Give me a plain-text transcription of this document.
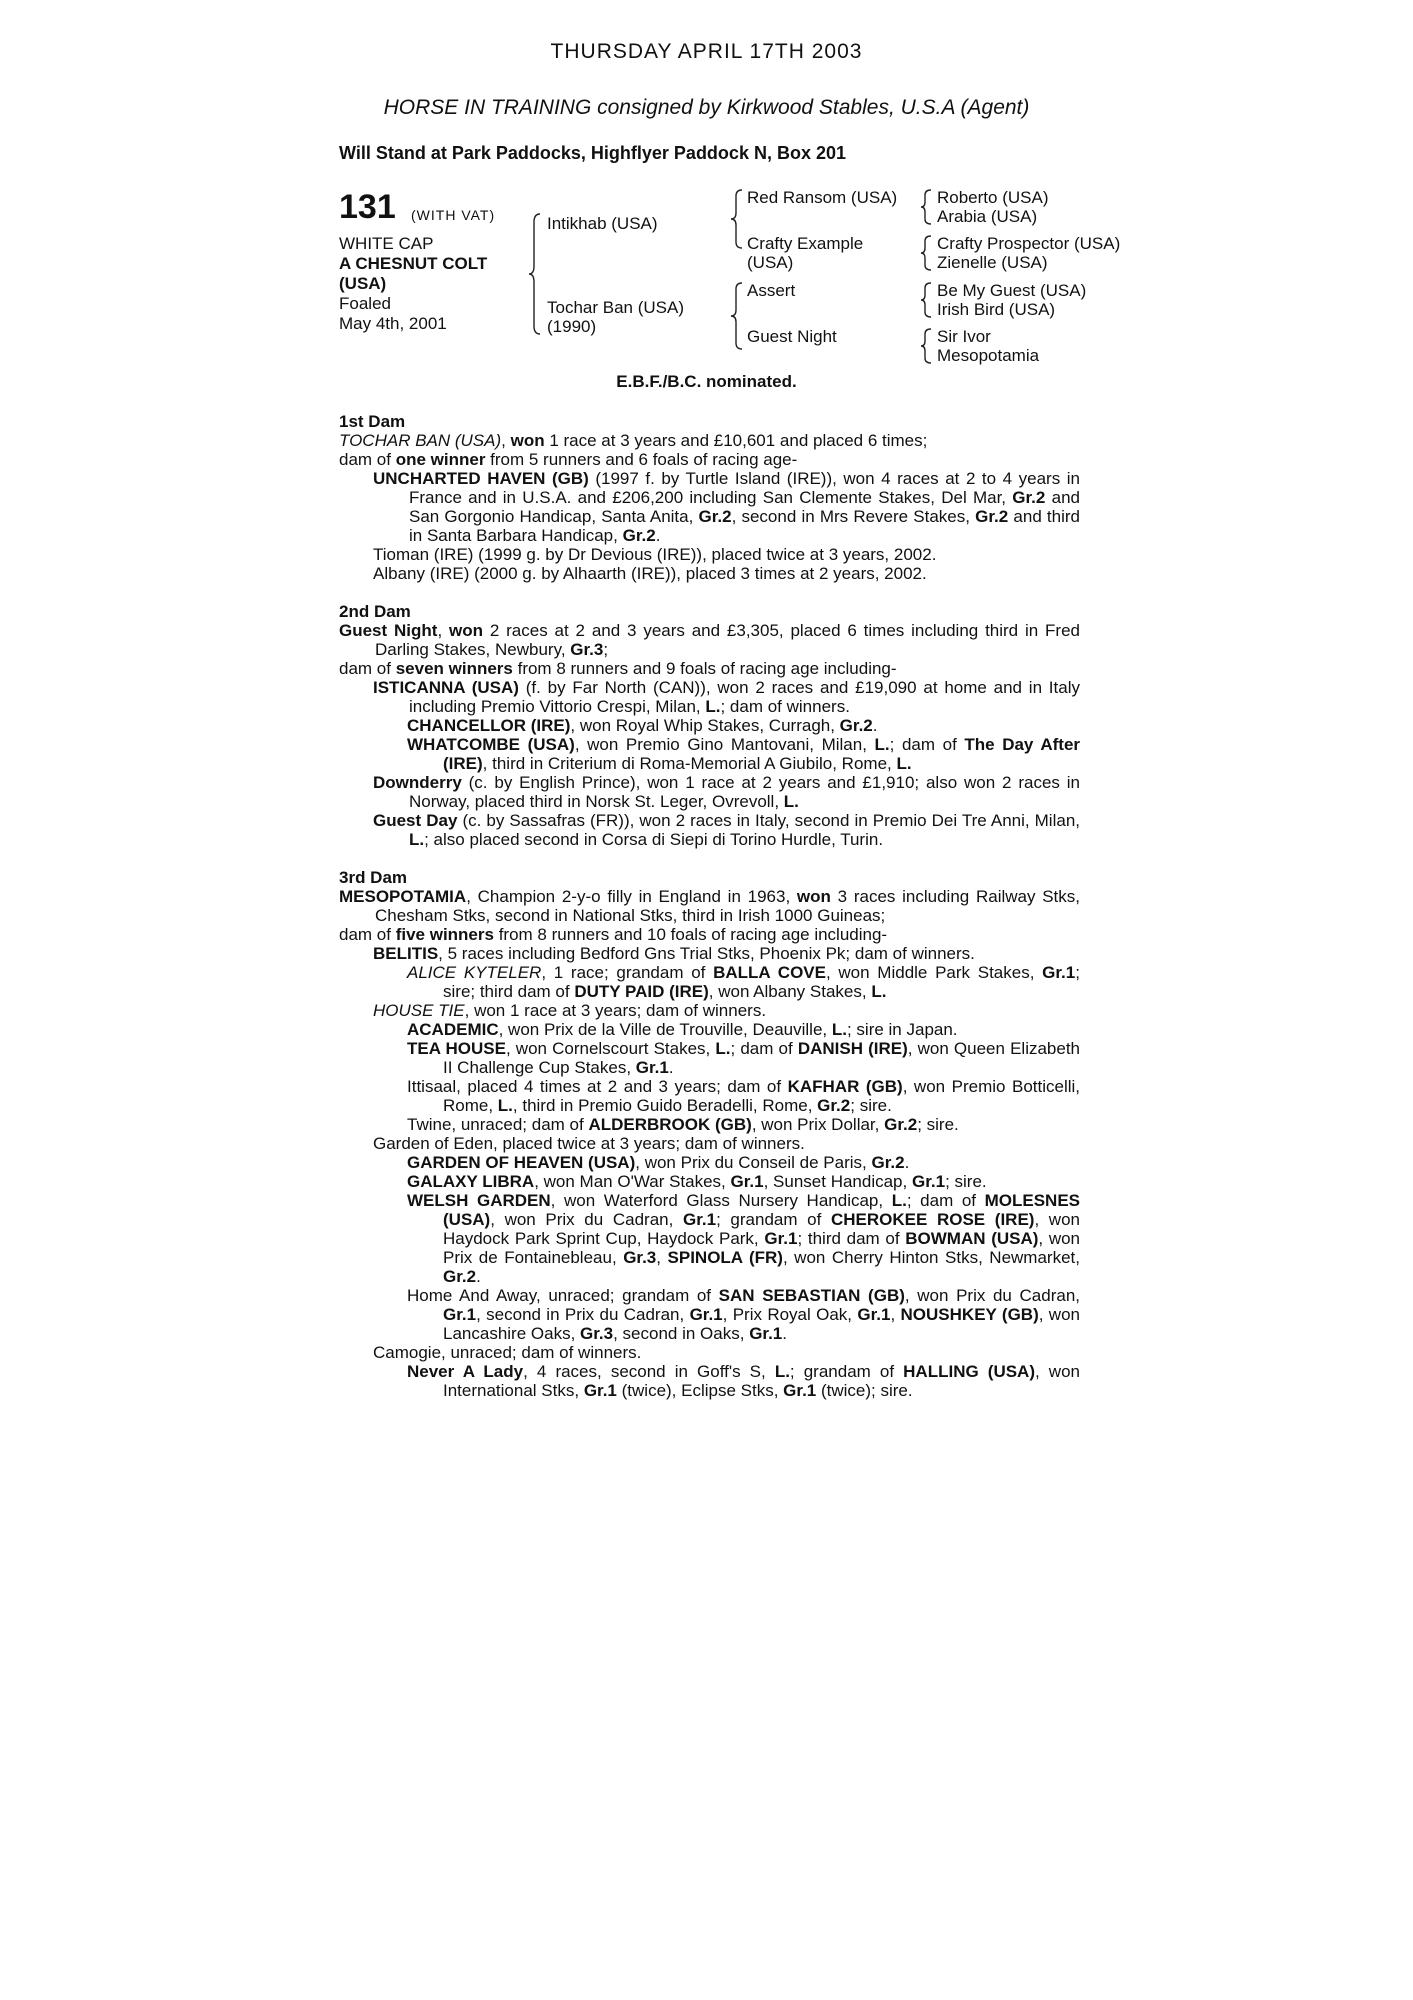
THURSDAY APRIL 17TH 2003
HORSE IN TRAINING consigned by Kirkwood Stables, U.S.A (Agent)
Will Stand at Park Paddocks, Highflyer Paddock N, Box 201
131 (WITH VAT)
WHITE CAP
A CHESNUT COLT
(USA)
Foaled
May 4th, 2001
Intikhab (USA)
Tochar Ban (USA)
(1990)
Red Ransom (USA)
Crafty Example
(USA)
Assert
Guest Night
Roberto (USA)
Arabia (USA)
Crafty Prospector (USA)
Zienelle (USA)
Be My Guest (USA)
Irish Bird (USA)
Sir Ivor
Mesopotamia
E.B.F./B.C. nominated.
1st Dam

TOCHAR BAN (USA), won 1 race at 3 years and £10,601 and placed 6 times;

dam of one winner from 5 runners and 6 foals of racing age-

UNCHARTED HAVEN (GB) (1997 f. by Turtle Island (IRE)), won 4 races at 2 to 4 years in France and in U.S.A. and £206,200 including San Clemente Stakes, Del Mar, Gr.2 and San Gorgonio Handicap, Santa Anita, Gr.2, second in Mrs Revere Stakes, Gr.2 and third in Santa Barbara Handicap, Gr.2.

Tioman (IRE) (1999 g. by Dr Devious (IRE)), placed twice at 3 years, 2002.

Albany (IRE) (2000 g. by Alhaarth (IRE)), placed 3 times at 2 years, 2002.

2nd Dam

Guest Night, won 2 races at 2 and 3 years and £3,305, placed 6 times including third in Fred Darling Stakes, Newbury, Gr.3;

dam of seven winners from 8 runners and 9 foals of racing age including-

ISTICANNA (USA) (f. by Far North (CAN)), won 2 races and £19,090 at home and in Italy including Premio Vittorio Crespi, Milan, L.; dam of winners.

CHANCELLOR (IRE), won Royal Whip Stakes, Curragh, Gr.2.

WHATCOMBE (USA), won Premio Gino Mantovani, Milan, L.; dam of The Day After (IRE), third in Criterium di Roma-Memorial A Giubilo, Rome, L.

Downderry (c. by English Prince), won 1 race at 2 years and £1,910; also won 2 races in Norway, placed third in Norsk St. Leger, Ovrevoll, L.

Guest Day (c. by Sassafras (FR)), won 2 races in Italy, second in Premio Dei Tre Anni, Milan, L.; also placed second in Corsa di Siepi di Torino Hurdle, Turin.

3rd Dam

MESOPOTAMIA, Champion 2-y-o filly in England in 1963, won 3 races including Railway Stks, Chesham Stks, second in National Stks, third in Irish 1000 Guineas;

dam of five winners from 8 runners and 10 foals of racing age including-

BELITIS, 5 races including Bedford Gns Trial Stks, Phoenix Pk; dam of winners.

ALICE KYTELER, 1 race; grandam of BALLA COVE, won Middle Park Stakes, Gr.1; sire; third dam of DUTY PAID (IRE), won Albany Stakes, L.

HOUSE TIE, won 1 race at 3 years; dam of winners.

ACADEMIC, won Prix de la Ville de Trouville, Deauville, L.; sire in Japan.

TEA HOUSE, won Cornelscourt Stakes, L.; dam of DANISH (IRE), won Queen Elizabeth II Challenge Cup Stakes, Gr.1.

Ittisaal, placed 4 times at 2 and 3 years; dam of KAFHAR (GB), won Premio Botticelli, Rome, L., third in Premio Guido Beradelli, Rome, Gr.2; sire.

Twine, unraced; dam of ALDERBROOK (GB), won Prix Dollar, Gr.2; sire.

Garden of Eden, placed twice at 3 years; dam of winners.

GARDEN OF HEAVEN (USA), won Prix du Conseil de Paris, Gr.2.

GALAXY LIBRA, won Man O'War Stakes, Gr.1, Sunset Handicap, Gr.1; sire.

WELSH GARDEN, won Waterford Glass Nursery Handicap, L.; dam of MOLESNES (USA), won Prix du Cadran, Gr.1; grandam of CHEROKEE ROSE (IRE), won Haydock Park Sprint Cup, Haydock Park, Gr.1; third dam of BOWMAN (USA), won Prix de Fontainebleau, Gr.3, SPINOLA (FR), won Cherry Hinton Stks, Newmarket, Gr.2.

Home And Away, unraced; grandam of SAN SEBASTIAN (GB), won Prix du Cadran, Gr.1, second in Prix du Cadran, Gr.1, Prix Royal Oak, Gr.1, NOUSHKEY (GB), won Lancashire Oaks, Gr.3, second in Oaks, Gr.1.

Camogie, unraced; dam of winners.

Never A Lady, 4 races, second in Goff's S, L.; grandam of HALLING (USA), won International Stks, Gr.1 (twice), Eclipse Stks, Gr.1 (twice); sire.
